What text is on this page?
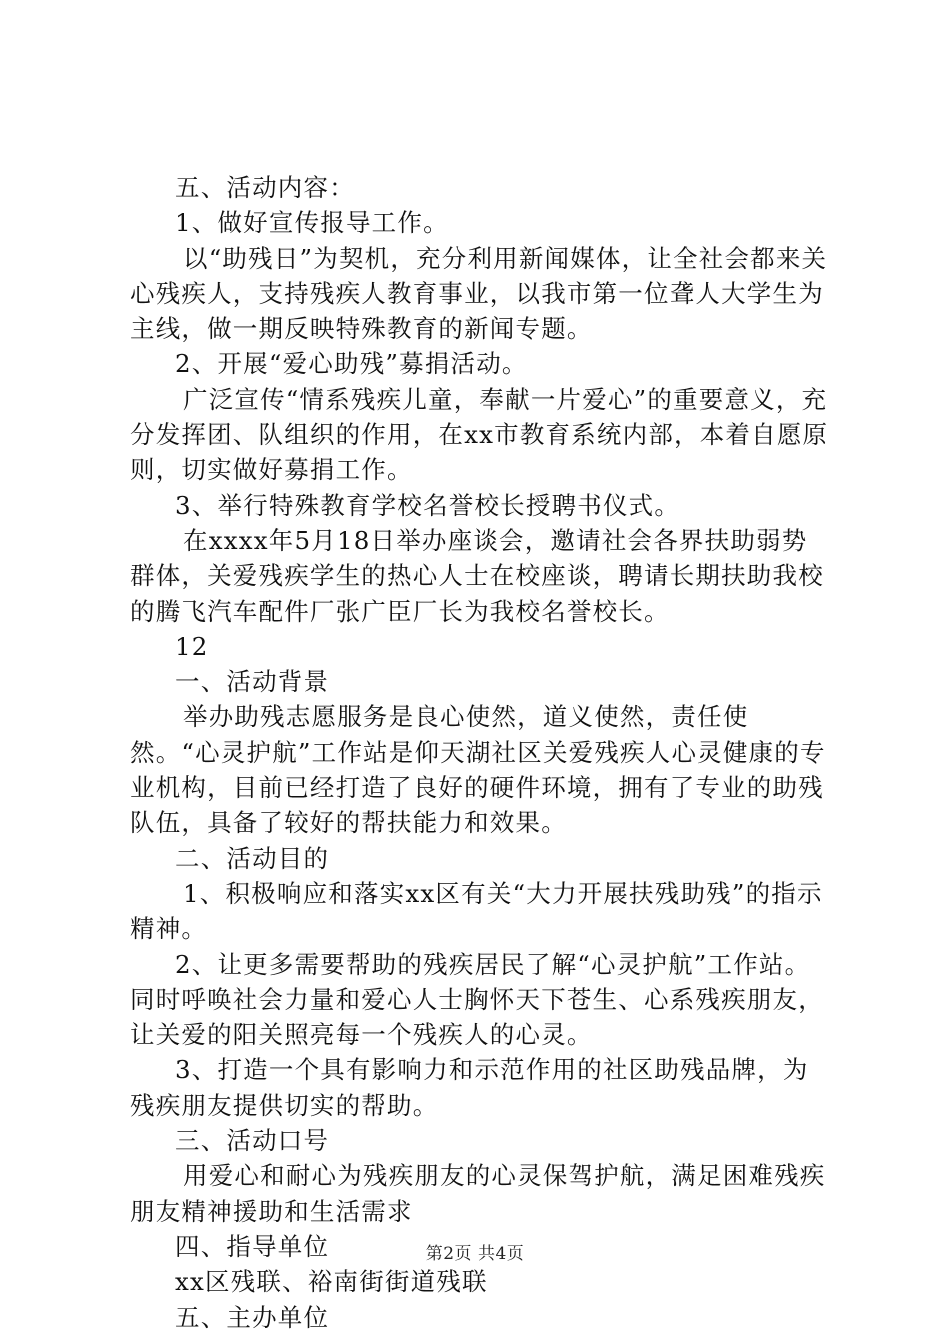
五、活动内容：

1、做好宣传报导工作。

以“助残日”为契机，充分利用新闻媒体，让全社会都来关心残疾人，支持残疾人教育事业，以我市第一位聋人大学生为主线，做一期反映特殊教育的新闻专题。

2、开展“爱心助残”募捐活动。

广泛宣传“情系残疾儿童，奉献一片爱心”的重要意义，充分发挥团、队组织的作用，在xx市教育系统内部，本着自愿原则，切实做好募捐工作。

3、举行特殊教育学校名誉校长授聘书仪式。

在xxxx年5月18日举办座谈会，邀请社会各界扶助弱势群体，关爱残疾学生的热心人士在校座谈，聘请长期扶助我校的腾飞汽车配件厂张广臣厂长为我校名誉校长。

12

一、活动背景

举办助残志愿服务是良心使然，道义使然，责任使然。“心灵护航”工作站是仰天湖社区关爱残疾人心灵健康的专业机构，目前已经打造了良好的硬件环境，拥有了专业的助残队伍，具备了较好的帮扶能力和效果。

二、活动目的

1、积极响应和落实xx区有关“大力开展扶残助残”的指示精神。

2、让更多需要帮助的残疾居民了解“心灵护航”工作站。同时呼唤社会力量和爱心人士胸怀天下苍生、心系残疾朋友，让关爱的阳关照亮每一个残疾人的心灵。

3、打造一个具有影响力和示范作用的社区助残品牌，为残疾朋友提供切实的帮助。

三、活动口号

用爱心和耐心为残疾朋友的心灵保驾护航，满足困难残疾朋友精神援助和生活需求

四、指导单位

xx区残联、裕南街街道残联

五、主办单位

第2页 共4页
